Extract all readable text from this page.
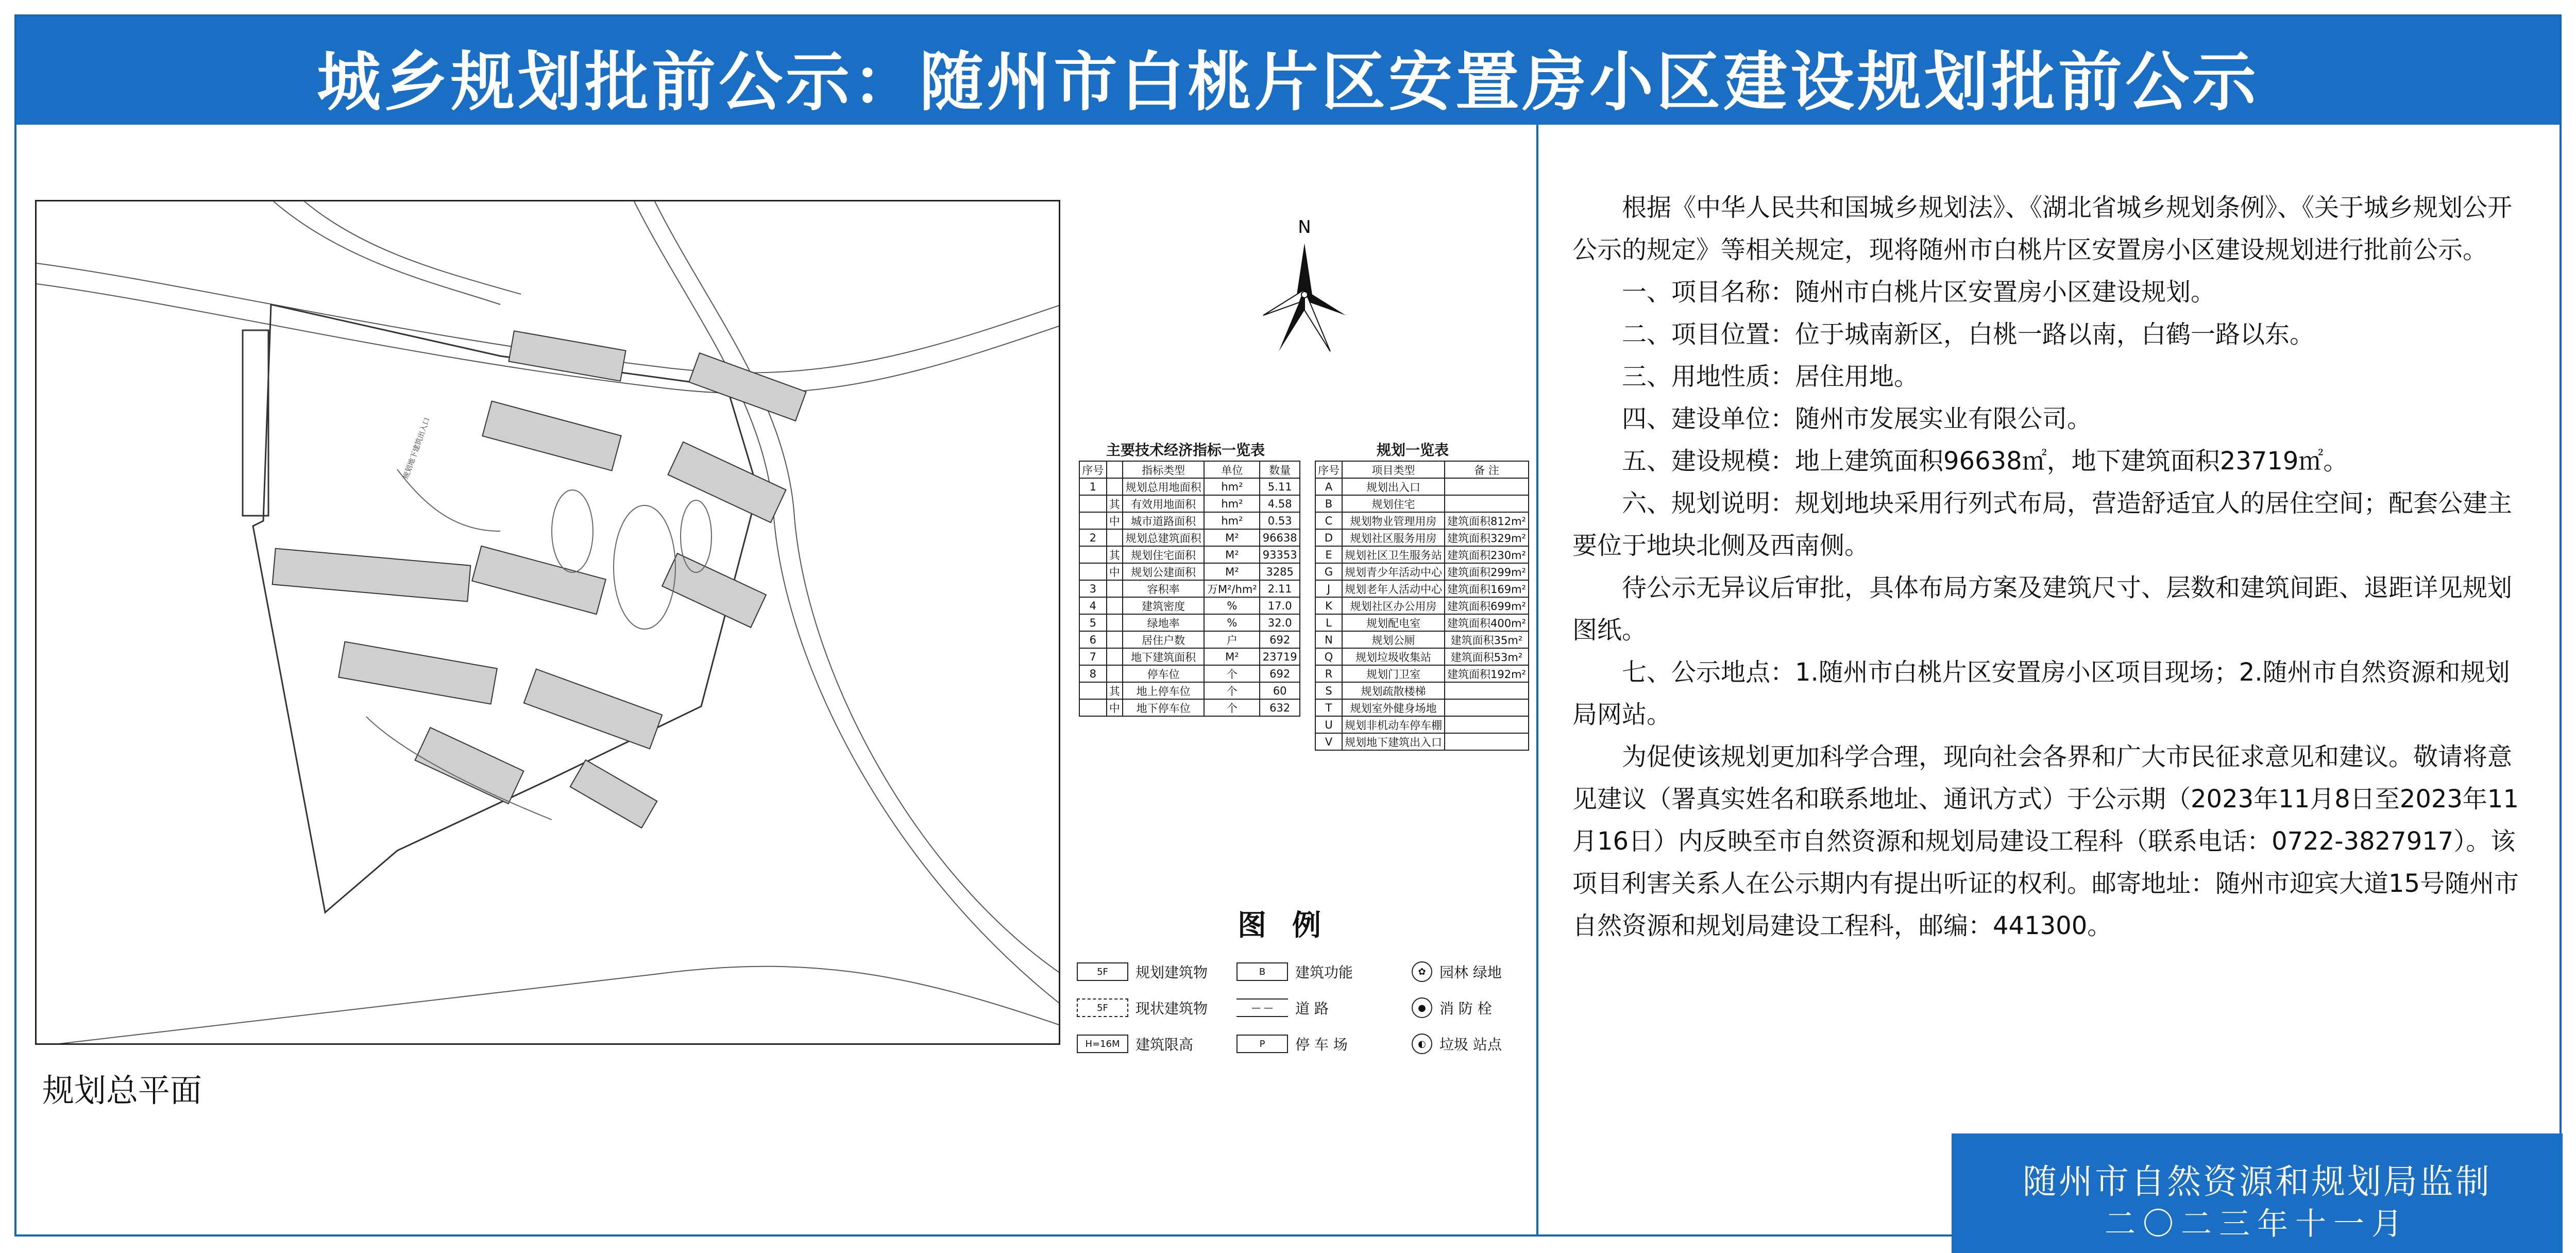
城乡规划批前公示：随州市白桃片区安置房小区建设规划批前公示
规划地下建筑出入口
N
主要技术经济指标一览表
序号		指标类型	单位	数量
1		规划总用地面积	hm²	5.11
	其	有效用地面积	hm²	4.58
	中	城市道路面积	hm²	0.53
2		规划总建筑面积	M²	96638
	其	规划住宅面积	M²	93353
	中	规划公建面积	M²	3285
3		容积率	万M²/hm²	2.11
4		建筑密度	%	17.0
5		绿地率	%	32.0
6		居住户数	户	692
7		地下建筑面积	M²	23719
8		停车位	个	692
	其	地上停车位	个	60
	中	地下停车位	个	632
规划一览表
序号	项目类型	备 注
A	规划出入口	
B	规划住宅	
C	规划物业管理用房	建筑面积812m²
D	规划社区服务用房	建筑面积329m²
E	规划社区卫生服务站	建筑面积230m²
G	规划青少年活动中心	建筑面积299m²
J	规划老年人活动中心	建筑面积169m²
K	规划社区办公用房	建筑面积699m²
L	规划配电室	建筑面积400m²
N	规划公厕	建筑面积35m²
Q	规划垃圾收集站	建筑面积53m²
R	规划门卫室	建筑面积192m²
S	规划疏散楼梯	
T	规划室外健身场地	
U	规划非机动车停车棚	
V	规划地下建筑出入口	
图例
5F	规划建筑物	B	建筑功能	✿ 园林 绿地
5F	现状建筑物	— —	道 路	● 消 防 栓
H=16M	建筑限高	P	停 车 场	◐ 垃圾 站点
规划总平面

根据《中华人民共和国城乡规划法》、《湖北省城乡规划条例》、《关于城乡规划公开公示的规定》等相关规定，现将随州市白桃片区安置房小区建设规划进行批前公示。

一、项目名称：随州市白桃片区安置房小区建设规划。

二、项目位置：位于城南新区，白桃一路以南，白鹤一路以东。

三、用地性质：居住用地。

四、建设单位：随州市发展实业有限公司。

五、建设规模：地上建筑面积96638㎡，地下建筑面积23719㎡。

六、规划说明：规划地块采用行列式布局，营造舒适宜人的居住空间；配套公建主要位于地块北侧及西南侧。

待公示无异议后审批，具体布局方案及建筑尺寸、层数和建筑间距、退距详见规划图纸。

七、公示地点：1.随州市白桃片区安置房小区项目现场；2.随州市自然资源和规划局网站。

为促使该规划更加科学合理，现向社会各界和广大市民征求意见和建议。敬请将意见建议（署真实姓名和联系地址、通讯方式）于公示期（2023年11月8日至2023年11月16日）内反映至市自然资源和规划局建设工程科（联系电话：0722-3827917）。该项目利害关系人在公示期内有提出听证的权利。邮寄地址：随州市迎宾大道15号随州市自然资源和规划局建设工程科，邮编：441300。

随州市自然资源和规划局监制
二〇二三年十一月
